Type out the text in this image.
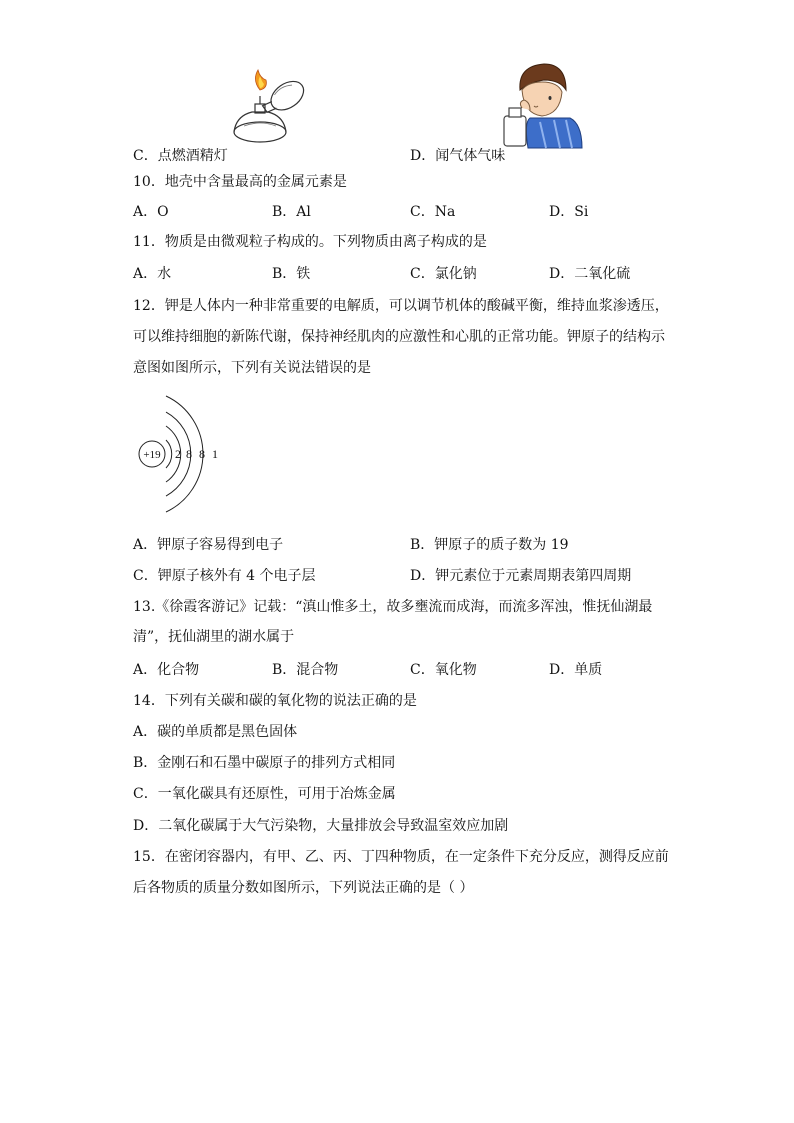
C．点燃酒精灯	D．闻气体气味
10．地壳中含量最高的金属元素是
A．O	B．Al	C．Na	D．Si
11．物质是由微观粒子构成的。下列物质由离子构成的是
A．水	B．铁	C．氯化钠	D．二氧化硫
12．钾是人体内一种非常重要的电解质，可以调节机体的酸碱平衡，维持血浆渗透压，
可以维持细胞的新陈代谢，保持神经肌肉的应激性和心肌的正常功能。钾原子的结构示
意图如图所示，下列有关说法错误的是
+19 2 8 8 1
A．钾原子容易得到电子	B．钾原子的质子数为 19
C．钾原子核外有 4 个电子层	D．钾元素位于元素周期表第四周期
13.《徐霞客游记》记载：“滇山惟多土，故多壅流而成海，而流多浑浊，惟抚仙湖最
清”，抚仙湖里的湖水属于
A．化合物	B．混合物	C．氧化物	D．单质
14．下列有关碳和碳的氧化物的说法正确的是
A．碳的单质都是黑色固体
B．金刚石和石墨中碳原子的排列方式相同
C．一氧化碳具有还原性，可用于冶炼金属
D．二氧化碳属于大气污染物，大量排放会导致温室效应加剧
15．在密闭容器内，有甲、乙、丙、丁四种物质，在一定条件下充分反应，测得反应前
后各物质的质量分数如图所示，下列说法正确的是（ ）
